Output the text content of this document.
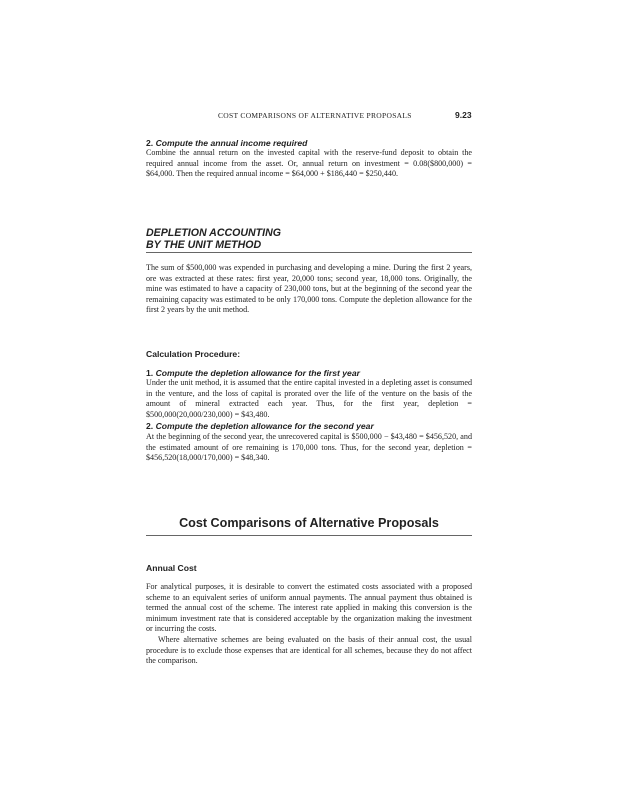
COST COMPARISONS OF ALTERNATIVE PROPOSALS	9.23
2. Compute the annual income required

Combine the annual return on the invested capital with the reserve-fund deposit to obtain the required annual income from the asset. Or, annual return on investment = 0.08($800,000) = $64,000. Then the required annual income = $64,000 + $186,440 = $250,440.

DEPLETION ACCOUNTING
BY THE UNIT METHOD

The sum of $500,000 was expended in purchasing and developing a mine. During the first 2 years, ore was extracted at these rates: first year, 20,000 tons; second year, 18,000 tons. Originally, the mine was estimated to have a capacity of 230,000 tons, but at the beginning of the second year the remaining capacity was estimated to be only 170,000 tons. Compute the depletion allowance for the first 2 years by the unit method.

Calculation Procedure:
1. Compute the depletion allowance for the first year

Under the unit method, it is assumed that the entire capital invested in a depleting asset is consumed in the venture, and the loss of capital is prorated over the life of the venture on the basis of the amount of mineral extracted each year. Thus, for the first year, depletion = $500,000(20,000/230,000) = $43,480.

2. Compute the depletion allowance for the second year

At the beginning of the second year, the unrecovered capital is $500,000 − $43,480 = $456,520, and the estimated amount of ore remaining is 170,000 tons. Thus, for the second year, depletion = $456,520(18,000/170,000) = $48,340.

Cost Comparisons of Alternative Proposals
Annual Cost

For analytical purposes, it is desirable to convert the estimated costs associated with a proposed scheme to an equivalent series of uniform annual payments. The annual payment thus obtained is termed the annual cost of the scheme. The interest rate applied in making this conversion is the minimum investment rate that is considered acceptable by the organization making the investment or incurring the costs.

Where alternative schemes are being evaluated on the basis of their annual cost, the usual procedure is to exclude those expenses that are identical for all schemes, because they do not affect the comparison.
